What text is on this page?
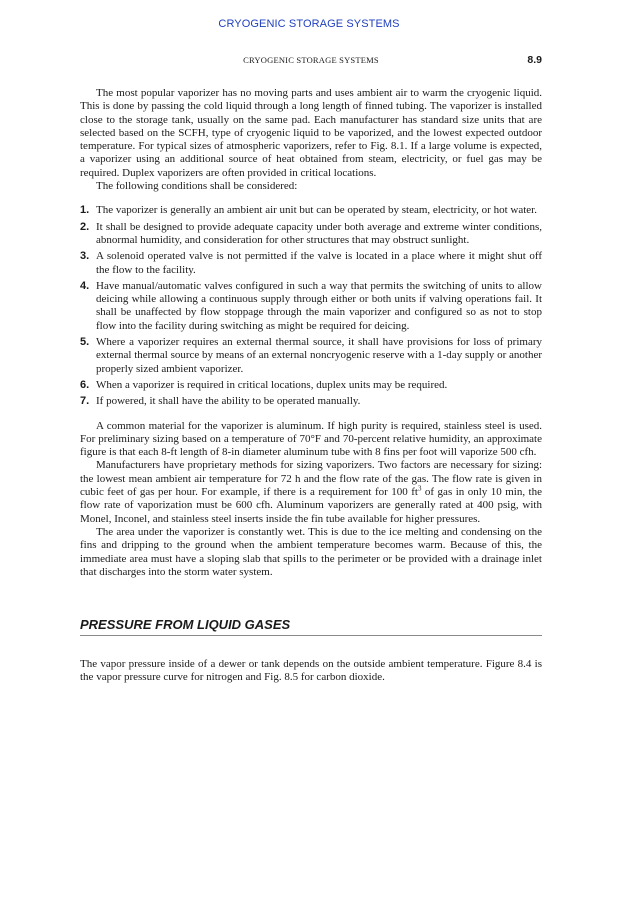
CRYOGENIC STORAGE SYSTEMS
CRYOGENIC STORAGE SYSTEMS	8.9

The most popular vaporizer has no moving parts and uses ambient air to warm the cryogenic liquid. This is done by passing the cold liquid through a long length of finned tubing. The vaporizer is installed close to the storage tank, usually on the same pad. Each manufacturer has standard size units that are selected based on the SCFH, type of cryogenic liquid to be vaporized, and the lowest expected outdoor temperature. For typical sizes of atmospheric vaporizers, refer to Fig. 8.1. If a large volume is expected, a vaporizer using an additional source of heat obtained from steam, electricity, or fuel gas may be required. Duplex vaporizers are often provided in critical locations.

The following conditions shall be considered:

1. The vaporizer is generally an ambient air unit but can be operated by steam, electricity, or hot water.
2. It shall be designed to provide adequate capacity under both average and extreme winter conditions, abnormal humidity, and consideration for other structures that may obstruct sunlight.
3. A solenoid operated valve is not permitted if the valve is located in a place where it might shut off the flow to the facility.
4. Have manual/automatic valves configured in such a way that permits the switching of units to allow deicing while allowing a continuous supply through either or both units if valving operations fail. It shall be unaffected by flow stoppage through the main vaporizer and configured so as not to stop flow into the facility during switching as might be required for deicing.
5. Where a vaporizer requires an external thermal source, it shall have provisions for loss of primary external thermal source by means of an external noncryogenic reserve with a 1-day supply or another properly sized ambient vaporizer.
6. When a vaporizer is required in critical locations, duplex units may be required.
7. If powered, it shall have the ability to be operated manually.

A common material for the vaporizer is aluminum. If high purity is required, stainless steel is used. For preliminary sizing based on a temperature of 70°F and 70-percent relative humidity, an approximate figure is that each 8-ft length of 8-in diameter aluminum tube with 8 fins per foot will vaporize 500 cfh.

Manufacturers have proprietary methods for sizing vaporizers. Two factors are necessary for sizing: the lowest mean ambient air temperature for 72 h and the flow rate of the gas. The flow rate is given in cubic feet of gas per hour. For example, if there is a requirement for 100 $ft^3$ of gas in only 10 min, the flow rate of vaporization must be 600 cfh. Aluminum vaporizers are generally rated at 400 psig, with Monel, Inconel, and stainless steel inserts inside the fin tube available for higher pressures.

The area under the vaporizer is constantly wet. This is due to the ice melting and condensing on the fins and dripping to the ground when the ambient temperature becomes warm. Because of this, the immediate area must have a sloping slab that spills to the perimeter or be provided with a drainage inlet that discharges into the storm water system.

PRESSURE FROM LIQUID GASES

The vapor pressure inside of a dewer or tank depends on the outside ambient temperature. Figure 8.4 is the vapor pressure curve for nitrogen and Fig. 8.5 for carbon dioxide.
